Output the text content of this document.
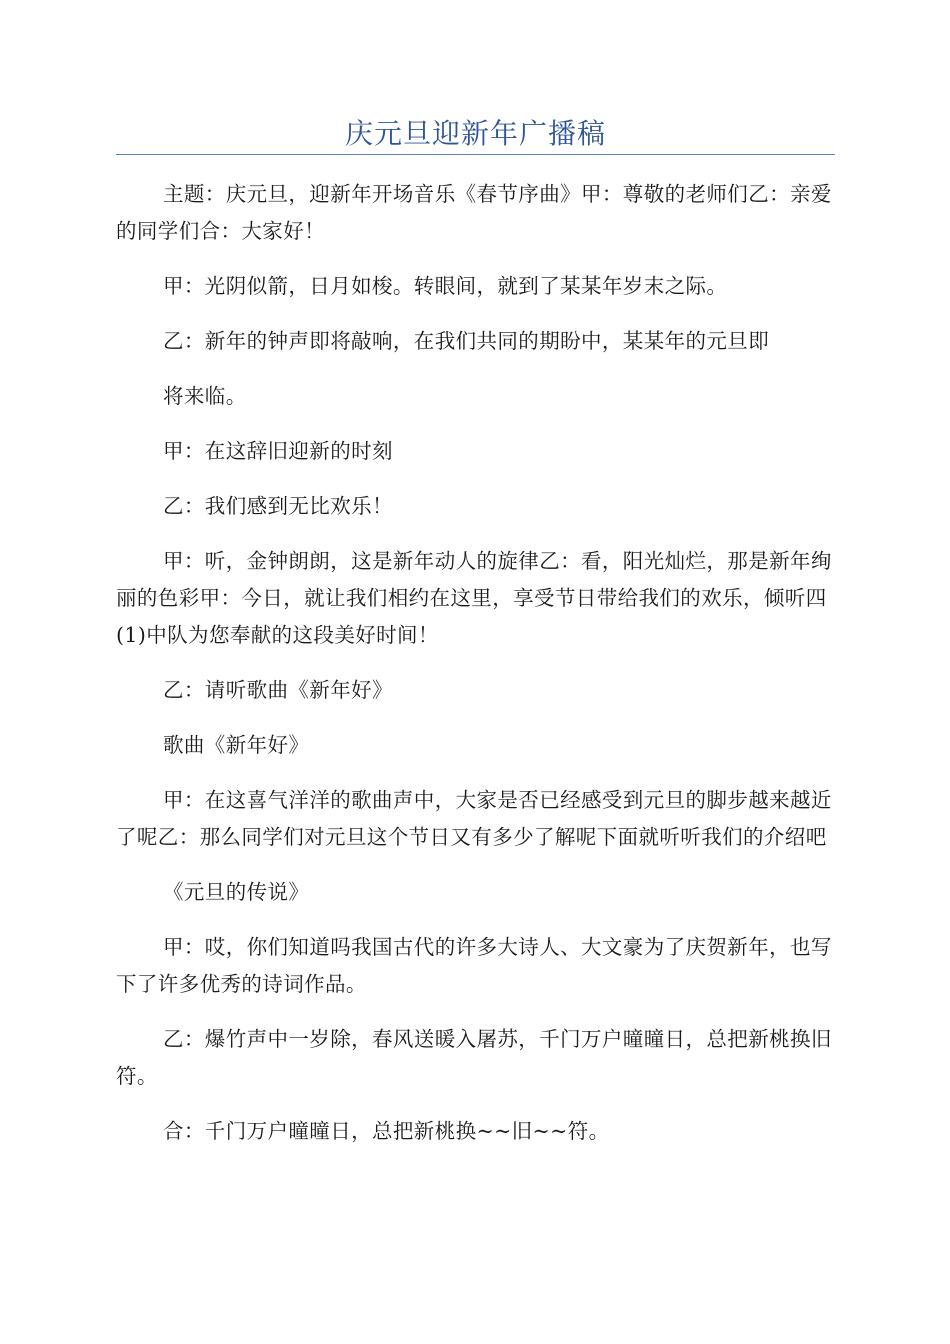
庆元旦迎新年广播稿

主题：庆元旦，迎新年开场音乐《春节序曲》甲：尊敬的老师们乙：亲爱的同学们合：大家好！

甲：光阴似箭，日月如梭。转眼间，就到了某某年岁末之际。

乙：新年的钟声即将敲响，在我们共同的期盼中，某某年的元旦即

将来临。

甲：在这辞旧迎新的时刻

乙：我们感到无比欢乐！

甲：听，金钟朗朗，这是新年动人的旋律乙：看，阳光灿烂，那是新年绚丽的色彩甲：今日，就让我们相约在这里，享受节日带给我们的欢乐，倾听四(1)中队为您奉献的这段美好时间！

乙：请听歌曲《新年好》

歌曲《新年好》

甲：在这喜气洋洋的歌曲声中，大家是否已经感受到元旦的脚步越来越近了呢乙：那么同学们对元旦这个节日又有多少了解呢下面就听听我们的介绍吧

《元旦的传说》

甲：哎，你们知道吗我国古代的许多大诗人、大文豪为了庆贺新年，也写下了许多优秀的诗词作品。

乙：爆竹声中一岁除，春风送暖入屠苏，千门万户曈曈日，总把新桃换旧符。

合：千门万户曈曈日，总把新桃换~~旧~~符。
